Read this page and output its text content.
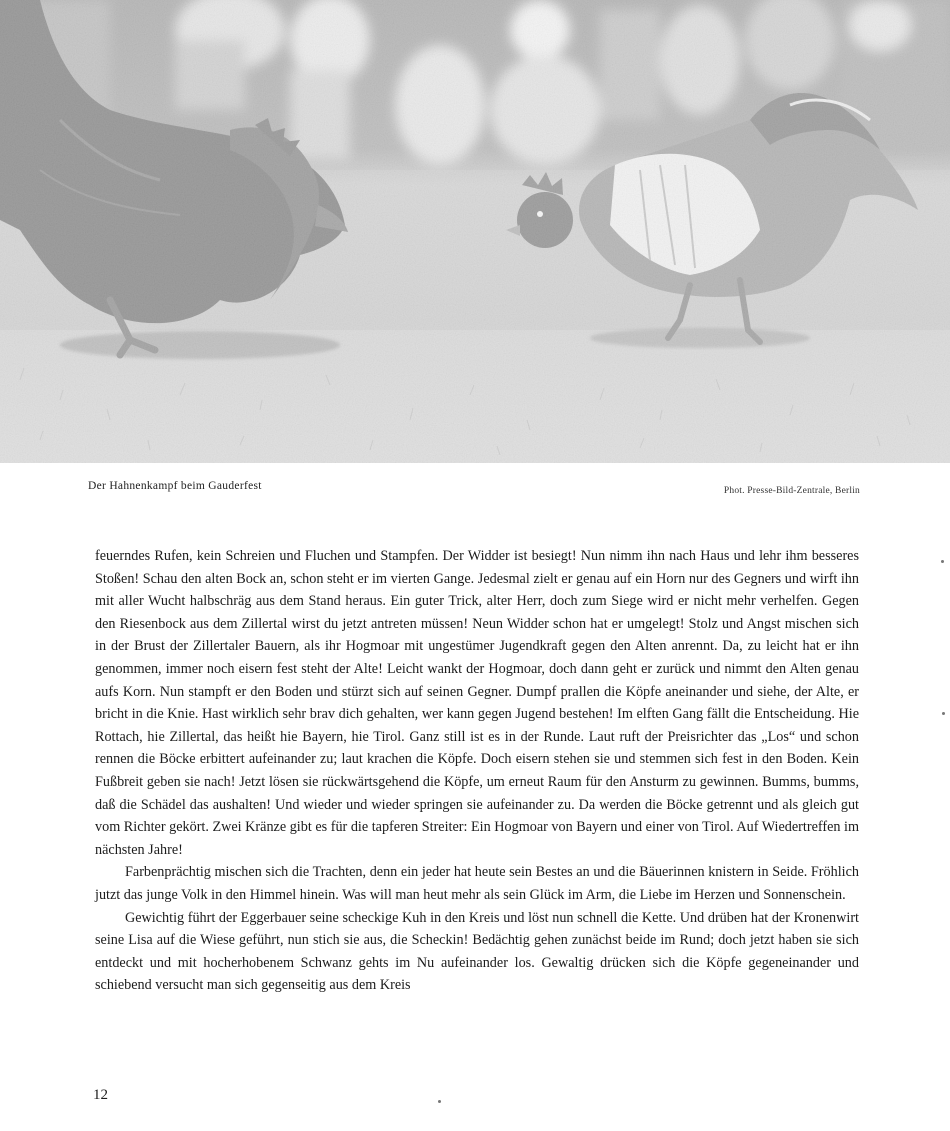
Der Hahnenkampf beim Gauderfest	Phot. Presse-Bild-Zentrale, Berlin

feuerndes Rufen, kein Schreien und Fluchen und Stampfen. Der Widder ist besiegt! Nun nimm ihn nach Haus und lehr ihm besseres Stoßen! Schau den alten Bock an, schon steht er im vierten Gange. Jedesmal zielt er genau auf ein Horn nur des Gegners und wirft ihn mit aller Wucht halbschräg aus dem Stand heraus. Ein guter Trick, alter Herr, doch zum Siege wird er nicht mehr verhelfen. Gegen den Riesenbock aus dem Zillertal wirst du jetzt antreten müssen! Neun Widder schon hat er umgelegt! Stolz und Angst mischen sich in der Brust der Zillertaler Bauern, als ihr Hogmoar mit ungestümer Jugendkraft gegen den Alten anrennt. Da, zu leicht hat er ihn genommen, immer noch eisern fest steht der Alte! Leicht wankt der Hogmoar, doch dann geht er zurück und nimmt den Alten genau aufs Korn. Nun stampft er den Boden und stürzt sich auf seinen Gegner. Dumpf prallen die Köpfe aneinander und siehe, der Alte, er bricht in die Knie. Hast wirklich sehr brav dich gehalten, wer kann gegen Jugend bestehen! Im elften Gang fällt die Entscheidung. Hie Rottach, hie Zillertal, das heißt hie Bayern, hie Tirol. Ganz still ist es in der Runde. Laut ruft der Preisrichter das „Los“ und schon rennen die Böcke erbittert aufeinander zu; laut krachen die Köpfe. Doch eisern stehen sie und stemmen sich fest in den Boden. Kein Fußbreit geben sie nach! Jetzt lösen sie rückwärtsgehend die Köpfe, um erneut Raum für den Ansturm zu gewinnen. Bumms, bumms, daß die Schädel das aushalten! Und wieder und wieder springen sie aufeinander zu. Da werden die Böcke getrennt und als gleich gut vom Richter gekört. Zwei Kränze gibt es für die tapferen Streiter: Ein Hogmoar von Bayern und einer von Tirol. Auf Wiedertreffen im nächsten Jahre!

Farbenprächtig mischen sich die Trachten, denn ein jeder hat heute sein Bestes an und die Bäuerinnen knistern in Seide. Fröhlich jutzt das junge Volk in den Himmel hinein. Was will man heut mehr als sein Glück im Arm, die Liebe im Herzen und Sonnenschein.

Gewichtig führt der Eggerbauer seine scheckige Kuh in den Kreis und löst nun schnell die Kette. Und drüben hat der Kronenwirt seine Lisa auf die Wiese geführt, nun stich sie aus, die Scheckin! Bedächtig gehen zunächst beide im Rund; doch jetzt haben sie sich entdeckt und mit hocherhobenem Schwanz gehts im Nu aufeinander los. Gewaltig drücken sich die Köpfe gegeneinander und schiebend versucht man sich gegenseitig aus dem Kreis

12
